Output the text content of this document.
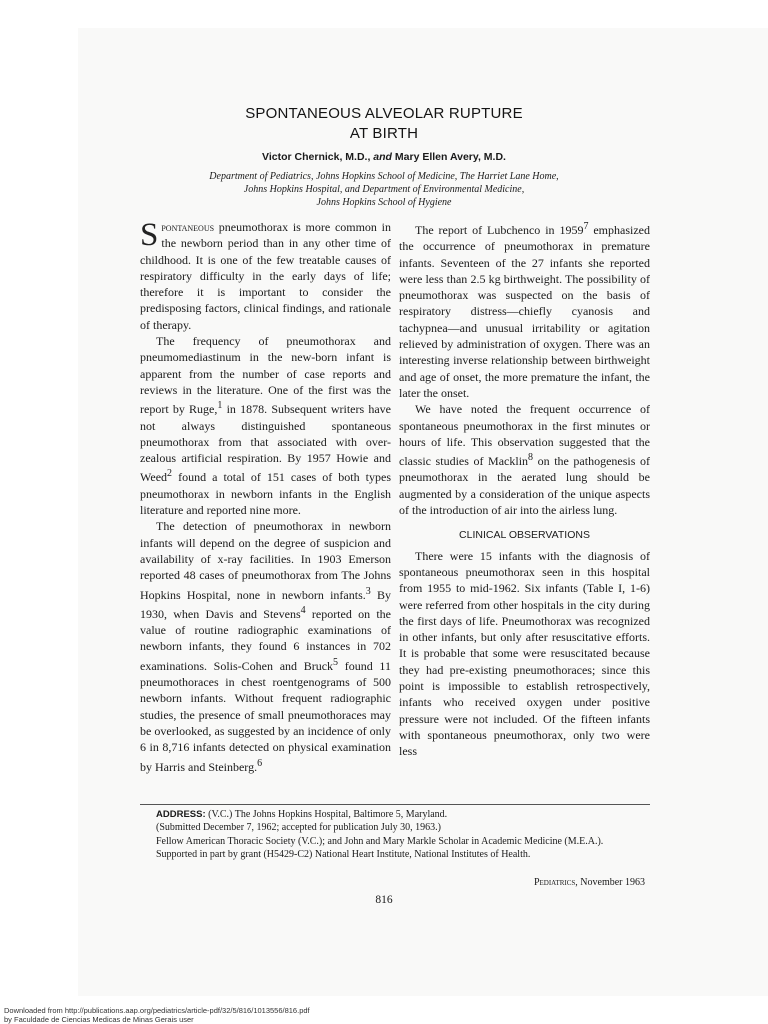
SPONTANEOUS ALVEOLAR RUPTURE
AT BIRTH
Victor Chernick, M.D., and Mary Ellen Avery, M.D.
Department of Pediatrics, Johns Hopkins School of Medicine, The Harriet Lane Home,
Johns Hopkins Hospital, and Department of Environmental Medicine,
Johns Hopkins School of Hygiene

Spontaneous pneumothorax is more common in the newborn period than in any other time of childhood. It is one of the few treatable causes of respiratory difficulty in the early days of life; therefore it is important to consider the predisposing factors, clinical findings, and rationale of therapy.

The frequency of pneumothorax and pneumomediastinum in the new-born infant is apparent from the number of case reports and reviews in the literature. One of the first was the report by Ruge,$^1$ in 1878. Subsequent writers have not always distinguished spontaneous pneumothorax from that associated with over-zealous artificial respiration. By 1957 Howie and Weed$^2$ found a total of 151 cases of both types pneumothorax in newborn infants in the English literature and reported nine more.

The detection of pneumothorax in newborn infants will depend on the degree of suspicion and availability of x-ray facilities. In 1903 Emerson reported 48 cases of pneumothorax from The Johns Hopkins Hospital, none in newborn infants.$^3$ By 1930, when Davis and Stevens$^4$ reported on the value of routine radiographic examinations of newborn infants, they found 6 instances in 702 examinations. Solis-Cohen and Bruck$^5$ found 11 pneumothoraces in chest roentgenograms of 500 newborn infants. Without frequent radiographic studies, the presence of small pneumothoraces may be overlooked, as suggested by an incidence of only 6 in 8,716 infants detected on physical examination by Harris and Steinberg.$^6$

The report of Lubchenco in 1959$^7$ emphasized the occurrence of pneumothorax in premature infants. Seventeen of the 27 infants she reported were less than 2.5 kg birthweight. The possibility of pneumothorax was suspected on the basis of respiratory distress—chiefly cyanosis and tachypnea—and unusual irritability or agitation relieved by administration of oxygen. There was an interesting inverse relationship between birthweight and age of onset, the more premature the infant, the later the onset.

We have noted the frequent occurrence of spontaneous pneumothorax in the first minutes or hours of life. This observation suggested that the classic studies of Macklin$^8$ on the pathogenesis of pneumothorax in the aerated lung should be augmented by a consideration of the unique aspects of the introduction of air into the airless lung.

CLINICAL OBSERVATIONS

There were 15 infants with the diagnosis of spontaneous pneumothorax seen in this hospital from 1955 to mid-1962. Six infants (Table I, 1-6) were referred from other hospitals in the city during the first days of life. Pneumothorax was recognized in other infants, but only after resuscitative efforts. It is probable that some were resuscitated because they had pre-existing pneumothoraces; since this point is impossible to establish retrospectively, infants who received oxygen under positive pressure were not included. Of the fifteen infants with spontaneous pneumothorax, only two were less

ADDRESS: (V.C.) The Johns Hopkins Hospital, Baltimore 5, Maryland.

(Submitted December 7, 1962; accepted for publication July 30, 1963.)

Fellow American Thoracic Society (V.C.); and John and Mary Markle Scholar in Academic Medicine (M.E.A.).

Supported in part by grant (H5429-C2) National Heart Institute, National Institutes of Health.

Pediatrics, November 1963
816
Downloaded from http://publications.aap.org/pediatrics/article-pdf/32/5/816/1013556/816.pdf
by Faculdade de Ciencias Medicas de Minas Gerais user
